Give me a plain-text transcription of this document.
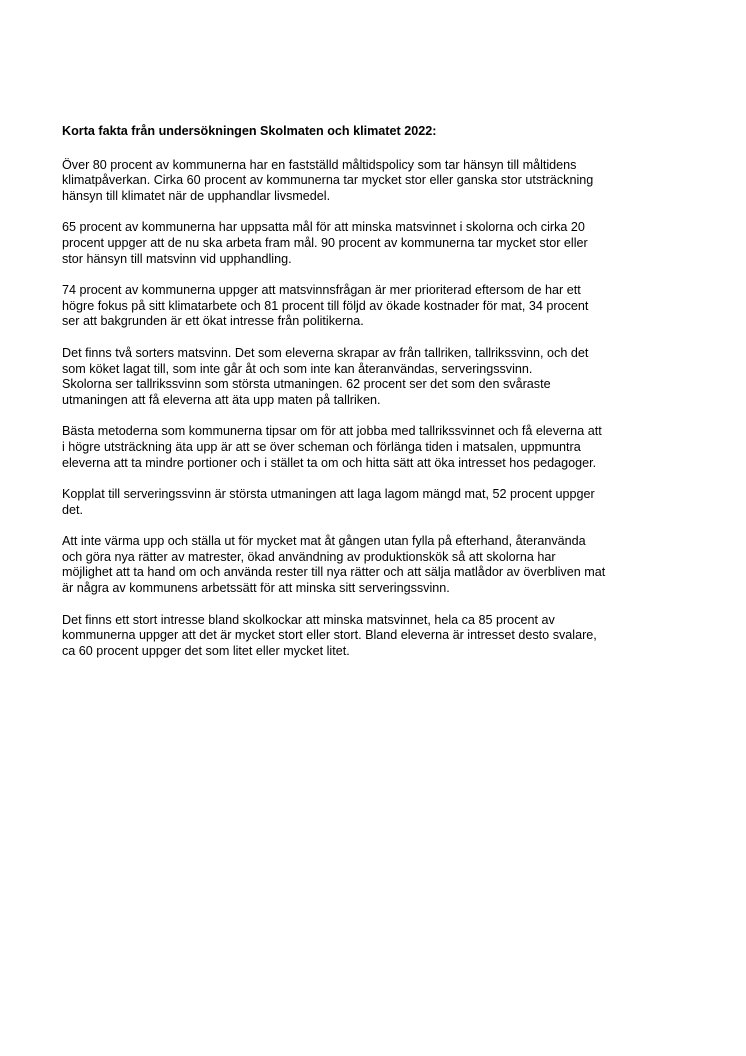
Korta fakta från undersökningen Skolmaten och klimatet 2022:
Över 80 procent av kommunerna har en fastställd måltidspolicy som tar hänsyn till måltidens
klimatpåverkan. Cirka 60 procent av kommunerna tar mycket stor eller ganska stor utsträckning
hänsyn till klimatet när de upphandlar livsmedel.
65 procent av kommunerna har uppsatta mål för att minska matsvinnet i skolorna och cirka 20
procent uppger att de nu ska arbeta fram mål. 90 procent av kommunerna tar mycket stor eller
stor hänsyn till matsvinn vid upphandling.
74 procent av kommunerna uppger att matsvinnsfrågan är mer prioriterad eftersom de har ett
högre fokus på sitt klimatarbete och 81 procent till följd av ökade kostnader för mat, 34 procent
ser att bakgrunden är ett ökat intresse från politikerna.
Det finns två sorters matsvinn. Det som eleverna skrapar av från tallriken, tallrikssvinn, och det
som köket lagat till, som inte går åt och som inte kan återanvändas, serveringssvinn.
Skolorna ser tallrikssvinn som största utmaningen. 62 procent ser det som den svåraste
utmaningen att få eleverna att äta upp maten på tallriken.
Bästa metoderna som kommunerna tipsar om för att jobba med tallrikssvinnet och få eleverna att
i högre utsträckning äta upp är att se över scheman och förlänga tiden i matsalen, uppmuntra
eleverna att ta mindre portioner och i stället ta om och hitta sätt att öka intresset hos pedagoger.
Kopplat till serveringssvinn är största utmaningen att laga lagom mängd mat, 52 procent uppger
det.
Att inte värma upp och ställa ut för mycket mat åt gången utan fylla på efterhand, återanvända
och göra nya rätter av matrester, ökad användning av produktionskök så att skolorna har
möjlighet att ta hand om och använda rester till nya rätter och att sälja matlådor av överbliven mat
är några av kommunens arbetssätt för att minska sitt serveringssvinn.
Det finns ett stort intresse bland skolkockar att minska matsvinnet, hela ca 85 procent av
kommunerna uppger att det är mycket stort eller stort. Bland eleverna är intresset desto svalare,
ca 60 procent uppger det som litet eller mycket litet.
